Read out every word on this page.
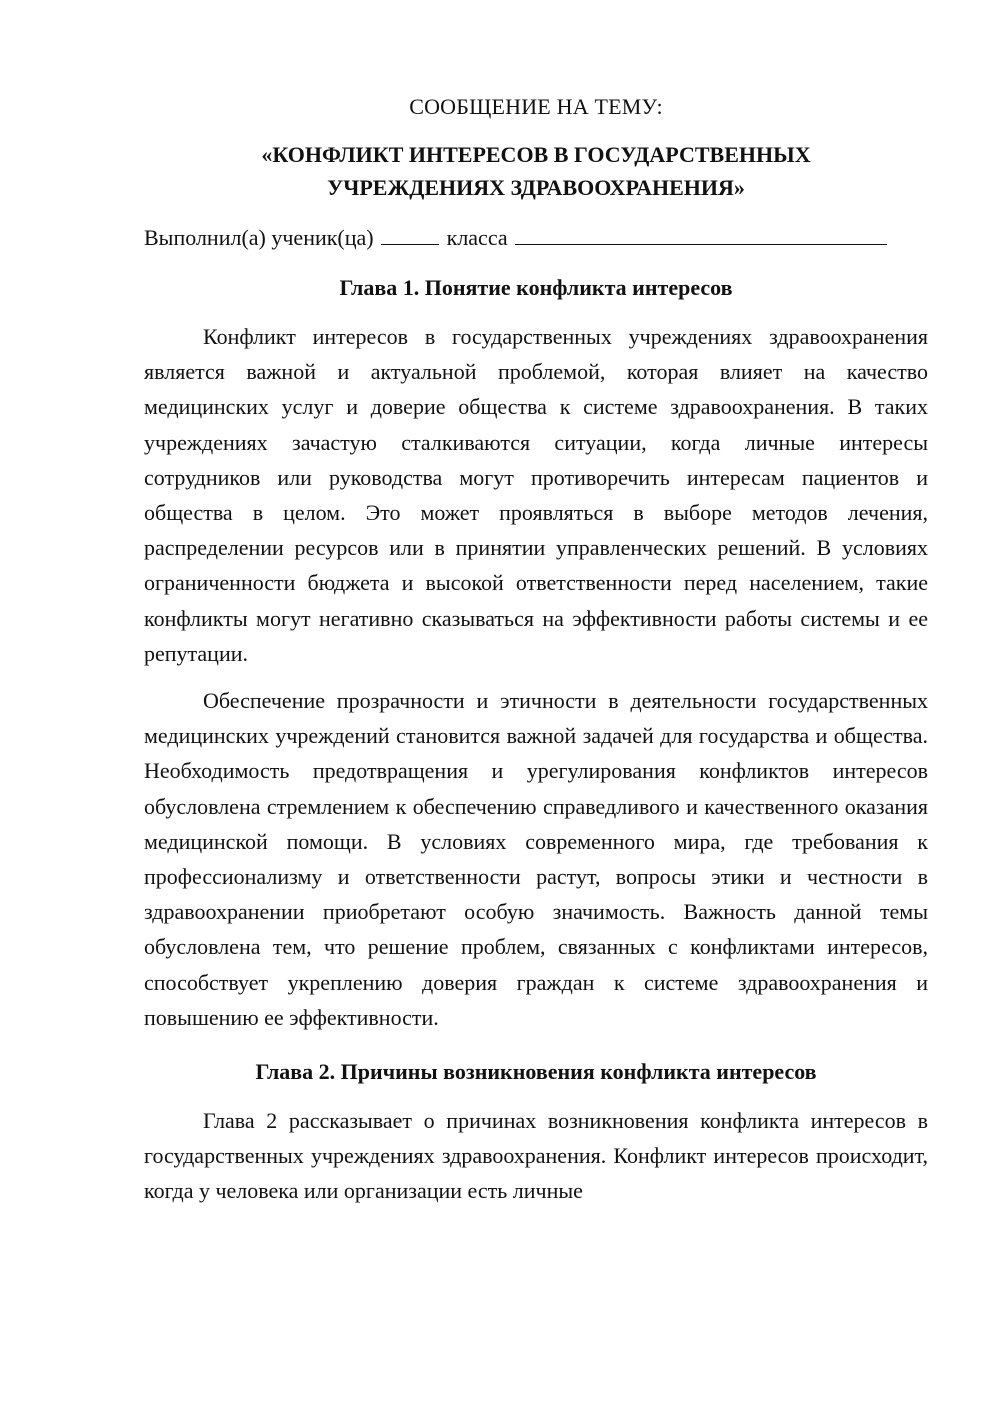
СООБЩЕНИЕ НА ТЕМУ:

«КОНФЛИКТ ИНТЕРЕСОВ В ГОСУДАРСТВЕННЫХ
УЧРЕЖДЕНИЯХ ЗДРАВООХРАНЕНИЯ»

Выполнил(а) ученик(ца)	класса

Глава 1. Понятие конфликта интересов

Конфликт интересов в государственных учреждениях здравоохранения является важной и актуальной проблемой, которая влияет на качество медицинских услуг и доверие общества к системе здравоохранения. В таких учреждениях зачастую сталкиваются ситуации, когда личные интересы сотрудников или руководства могут противоречить интересам пациентов и общества в целом. Это может проявляться в выборе методов лечения, распределении ресурсов или в принятии управленческих решений. В условиях ограниченности бюджета и высокой ответственности перед населением, такие конфликты могут негативно сказываться на эффективности работы системы и ее репутации.

Обеспечение прозрачности и этичности в деятельности государственных медицинских учреждений становится важной задачей для государства и общества. Необходимость предотвращения и урегулирования конфликтов интересов обусловлена стремлением к обеспечению справедливого и качественного оказания медицинской помощи. В условиях современного мира, где требования к профессионализму и ответственности растут, вопросы этики и честности в здравоохранении приобретают особую значимость. Важность данной темы обусловлена тем, что решение проблем, связанных с конфликтами интересов, способствует укреплению доверия граждан к системе здравоохранения и повышению ее эффективности.

Глава 2. Причины возникновения конфликта интересов

Глава 2 рассказывает о причинах возникновения конфликта интересов в государственных учреждениях здравоохранения. Конфликт интересов происходит, когда у человека или организации есть личные
